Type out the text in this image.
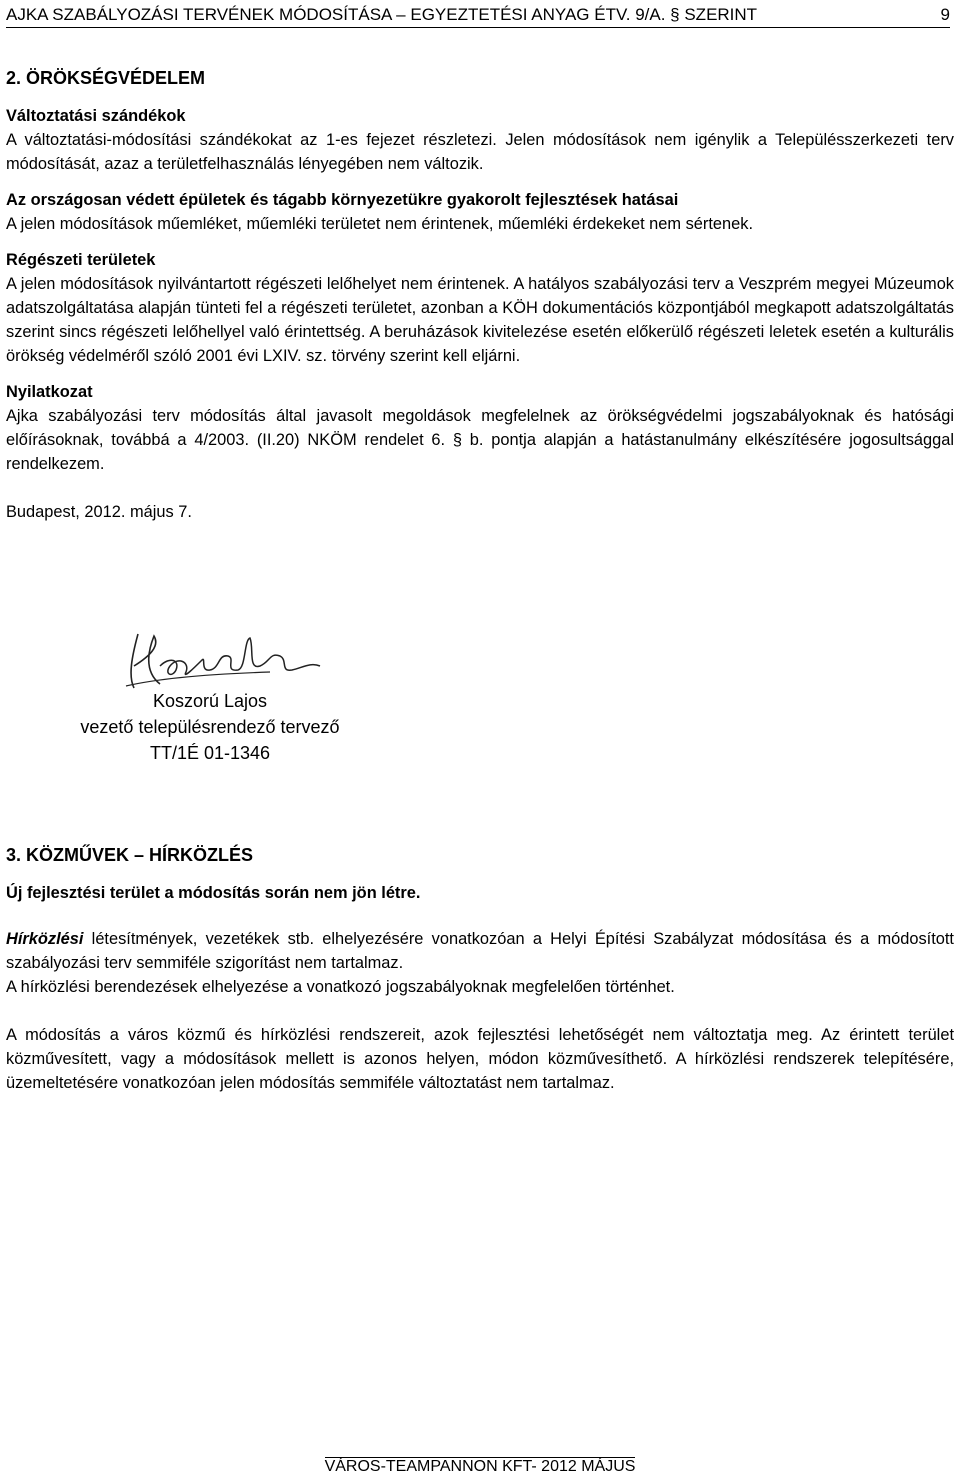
AJKA SZABÁLYOZÁSI TERVÉNEK MÓDOSÍTÁSA – EGYEZTETÉSI ANYAG ÉTV. 9/A. § SZERINT	9
2. ÖRÖKSÉGVÉDELEM
Változtatási szándékok

A változtatási-módosítási szándékokat az 1-es fejezet részletezi. Jelen módosítások nem igénylik a Településszerkezeti terv módosítását, azaz a területfelhasználás lényegében nem változik.

Az országosan védett épületek és tágabb környezetükre gyakorolt fejlesztések hatásai

A jelen módosítások műemléket, műemléki területet nem érintenek, műemléki érdekeket nem sértenek.

Régészeti területek

A jelen módosítások nyilvántartott régészeti lelőhelyet nem érintenek. A hatályos szabályozási terv a Veszprém megyei Múzeumok adatszolgáltatása alapján tünteti fel a régészeti területet, azonban a KÖH dokumentációs központjából megkapott adatszolgáltatás szerint sincs régészeti lelőhellyel való érintettség. A beruházások kivitelezése esetén előkerülő régészeti leletek esetén a kulturális örökség védelméről szóló 2001 évi LXIV. sz. törvény szerint kell eljárni.

Nyilatkozat

Ajka szabályozási terv módosítás által javasolt megoldások megfelelnek az örökségvédelmi jogszabályoknak és hatósági előírásoknak, továbbá a 4/2003. (II.20) NKÖM rendelet 6. § b. pontja alapján a hatástanulmány elkészítésére jogosultsággal rendelkezem.

Budapest, 2012. május 7.

Koszorú Lajos
vezető településrendező tervező
TT/1É 01-1346
3. KÖZMŰVEK – HÍRKÖZLÉS
Új fejlesztési terület a módosítás során nem jön létre.

Hírközlési létesítmények, vezetékek stb. elhelyezésére vonatkozóan a Helyi Építési Szabályzat módosítása és a módosított szabályozási terv semmiféle szigorítást nem tartalmaz.

A hírközlési berendezések elhelyezése a vonatkozó jogszabályoknak megfelelően történhet.

A módosítás a város közmű és hírközlési rendszereit, azok fejlesztési lehetőségét nem változtatja meg. Az érintett terület közművesített, vagy a módosítások mellett is azonos helyen, módon közművesíthető. A hírközlési rendszerek telepítésére, üzemeltetésére vonatkozóan jelen módosítás semmiféle változtatást nem tartalmaz.

VÁROS-TEAMPANNON KFT- 2012 MÁJUS
